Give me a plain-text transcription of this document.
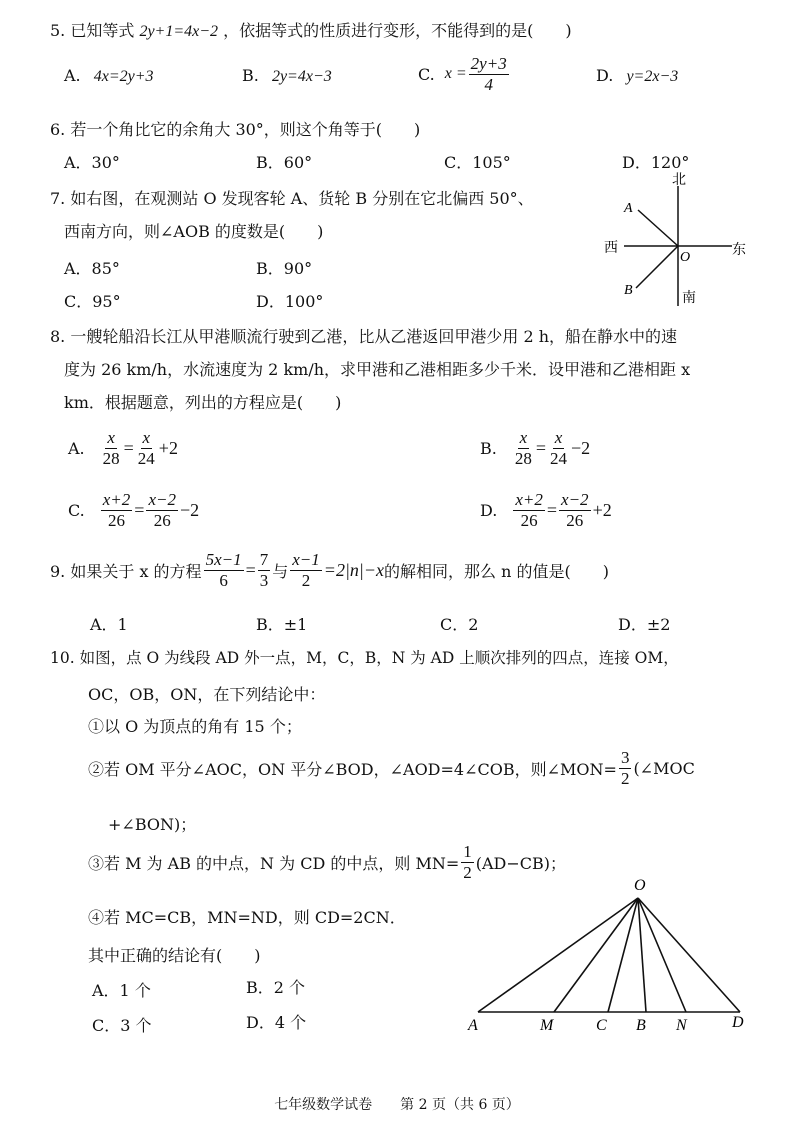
5. 已知等式 2y+1=4x−2 ，依据等式的性质进行变形，不能得到的是(　　)
A. 4x=2y+3	B. 2y=4x−3	C. $x = \frac{2y+3}{4}$	D. y=2x−3
6. 若一个角比它的余角大 30°，则这个角等于(　　)
A．30°	B．60°	C．105°	D．120°
7. 如右图，在观测站 O 发现客轮 A、货轮 B 分别在它北偏西 50°、
西南方向，则∠AOB 的度数是(　　)
A．85°	B．90°
C．95°	D．100°
北
南
西	东
O
A
B
8. 一艘轮船沿长江从甲港顺流行驶到乙港，比从乙港返回甲港少用 2 h，船在静水中的速
度为 26 km/h，水流速度为 2 km/h，求甲港和乙港相距多少千米．设甲港和乙港相距 x
km．根据题意，列出的方程应是(　　)
A. $\frac{x}{28} = \frac{x}{24} +2$	B. $\frac{x}{28} = \frac{x}{24} -2$
C. $\frac{x+2}{26} = \frac{x-2}{26} -2$	D. $\frac{x+2}{26} = \frac{x-2}{26} +2$
9. 如果关于 x 的方程 $\frac{5x-1}{6} = \frac{7}{3}$ 与 $\frac{x-1}{2} =2|n|-x$ 的解相同，那么 n 的值是(　　)
A．1	B．±1	C．2	D．±2
10. 如图，点 O 为线段 AD 外一点，M，C，B，N 为 AD 上顺次排列的四点，连接 OM，
OC，OB，ON，在下列结论中：
①以 O 为顶点的角有 15 个；
②若 OM 平分∠AOC，ON 平分∠BOD，∠AOD=4∠COB，则∠MON= $\frac{3}{2}$ (∠MOC
+∠BON)；
③若 M 为 AB 的中点，N 为 CD 的中点，则 $MN= \frac{1}{2} (AD-CB)$；
④若 MC=CB，MN=ND，则 CD=2CN．
其中正确的结论有(　　)
A．1 个	B．2 个
C．3 个	D．4 个
O
A	M	C B N	D
七年级数学试卷　　第 2 页（共 6 页）
